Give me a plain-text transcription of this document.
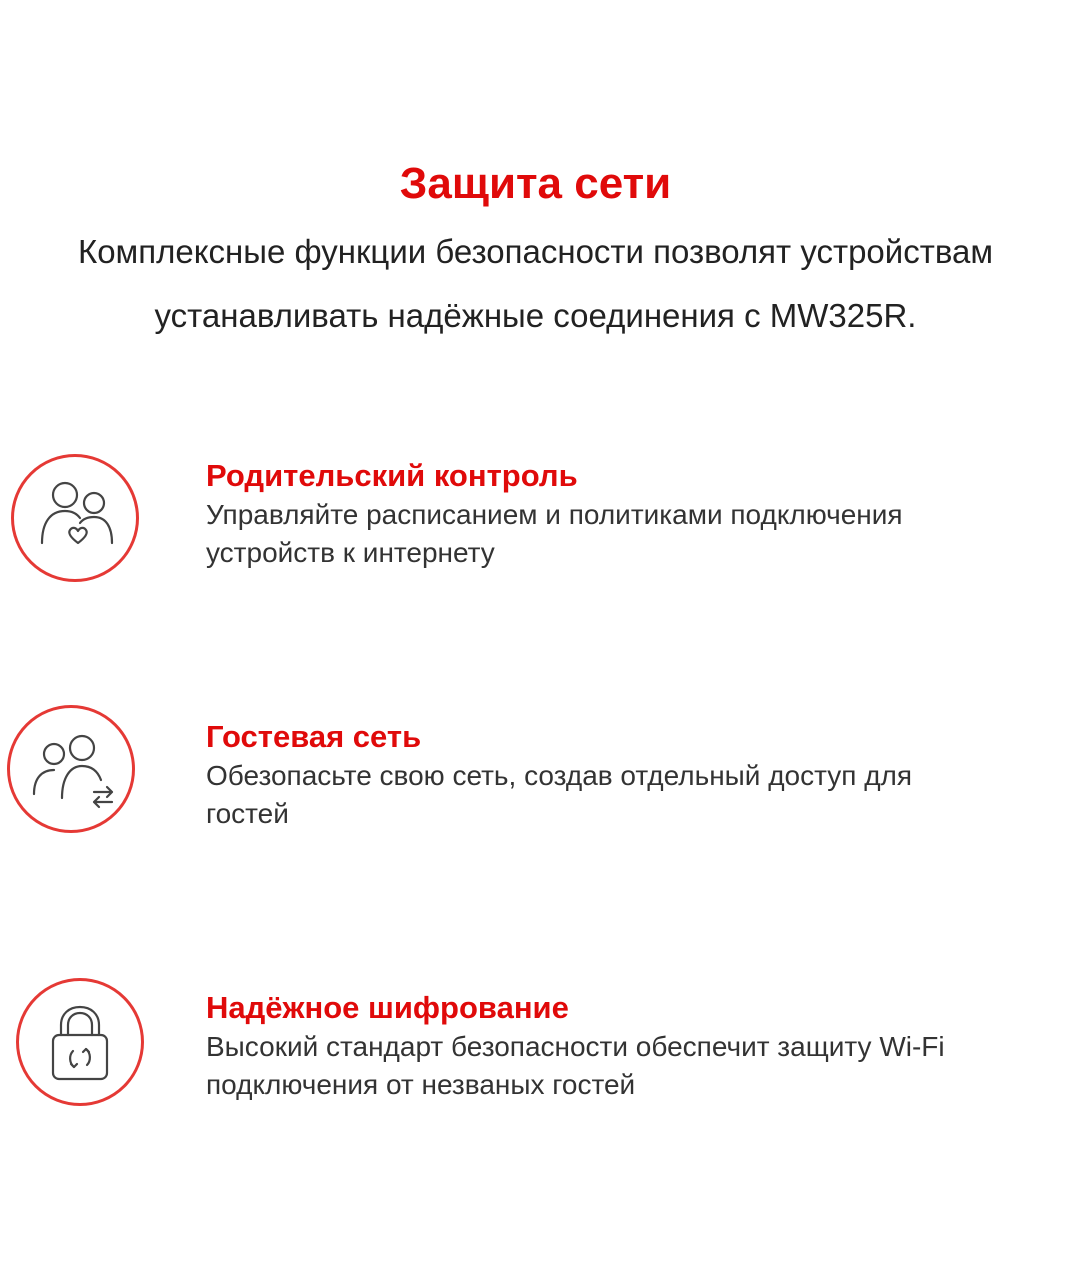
Защита сети
Комплексные функции безопасности позволят устройствам
устанавливать надёжные соединения с MW325R.
Родительский контроль
Управляйте расписанием и политиками подключения
устройств к интернету
Гостевая сеть
Обезопасьте свою сеть, создав отдельный доступ для
гостей
Надёжное шифрование
Высокий стандарт безопасности обеспечит защиту Wi-Fi
подключения от незваных гостей
